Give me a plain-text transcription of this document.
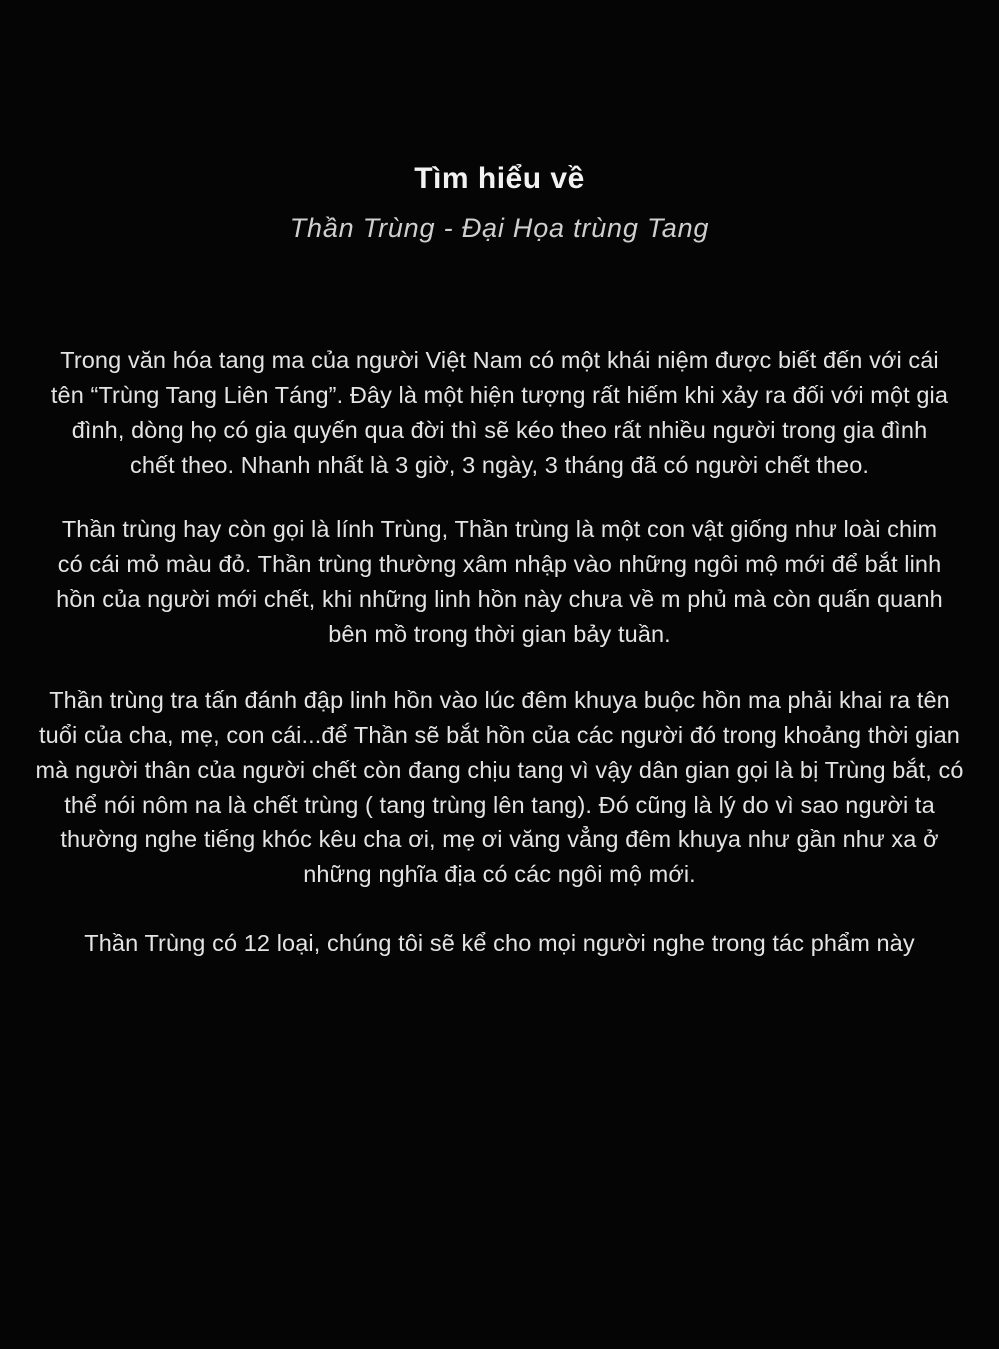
Tìm hiểu về
Thần Trùng - Đại Họa trùng Tang

Trong văn hóa tang ma của người Việt Nam có một khái niệm được biết đến với cái tên “Trùng Tang Liên Táng”. Đây là một hiện tượng rất hiếm khi xảy ra đối với một gia đình, dòng họ có gia quyến qua đời thì sẽ kéo theo rất nhiều người trong gia đình chết theo. Nhanh nhất là 3 giờ, 3 ngày, 3 tháng đã có người chết theo.

Thần trùng hay còn gọi là lính Trùng, Thần trùng là một con vật giống như loài chim có cái mỏ màu đỏ. Thần trùng thường xâm nhập vào những ngôi mộ mới để bắt linh hồn của người mới chết, khi những linh hồn này chưa về m phủ mà còn quấn quanh bên mồ trong thời gian bảy tuần.

Thần trùng tra tấn đánh đập linh hồn vào lúc đêm khuya buộc hồn ma phải khai ra tên tuổi của cha, mẹ, con cái...để Thần sẽ bắt hồn của các người đó trong khoảng thời gian mà người thân của người chết còn đang chịu tang vì vậy dân gian gọi là bị Trùng bắt, có thể nói nôm na là chết trùng ( tang trùng lên tang). Đó cũng là lý do vì sao người ta thường nghe tiếng khóc kêu cha ơi, mẹ ơi văng vẳng đêm khuya như gần như xa ở những nghĩa địa có các ngôi mộ mới.

Thần Trùng có 12 loại, chúng tôi sẽ kể cho mọi người nghe trong tác phẩm này
